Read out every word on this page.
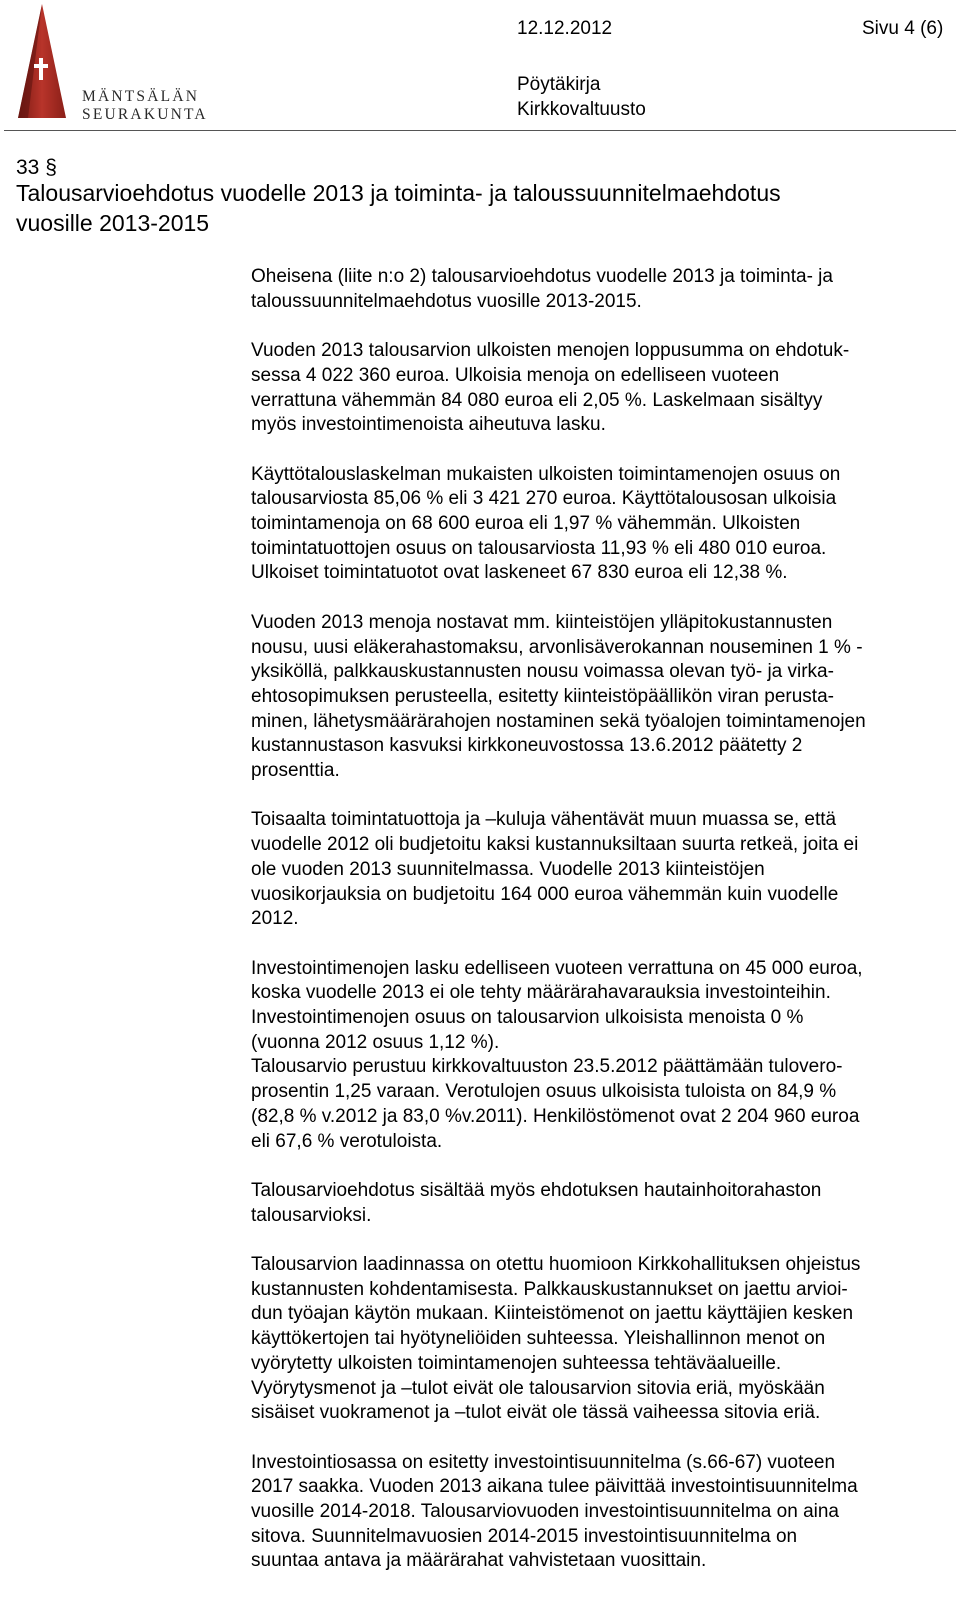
MÄNTSÄLÄN
SEURAKUNTA
12.12.2012	Sivu 4 (6)
Pöytäkirja
Kirkkovaltuusto
33 §
Talousarvioehdotus vuodelle 2013 ja toiminta- ja taloussuunnitelmaehdotus
vuosille 2013-2015

Oheisena (liite n:o 2) talousarvioehdotus vuodelle 2013 ja toiminta- ja
taloussuunnitelmaehdotus vuosille 2013-2015.

Vuoden 2013 talousarvion ulkoisten menojen loppusumma on ehdotuk-
sessa 4 022 360 euroa. Ulkoisia menoja on edelliseen vuoteen
verrattuna vähemmän 84 080 euroa eli 2,05 %. Laskelmaan sisältyy
myös investointimenoista aiheutuva lasku.

Käyttötalouslaskelman mukaisten ulkoisten toimintamenojen osuus on
talousarviosta 85,06 % eli 3 421 270 euroa. Käyttötalousosan ulkoisia
toimintamenoja on 68 600 euroa eli 1,97 % vähemmän. Ulkoisten
toimintatuottojen osuus on talousarviosta 11,93 % eli 480 010 euroa.
Ulkoiset toimintatuotot ovat laskeneet 67 830 euroa eli 12,38 %.

Vuoden 2013 menoja nostavat mm. kiinteistöjen ylläpitokustannusten
nousu, uusi eläkerahastomaksu, arvonlisäverokannan nouseminen 1 % -
yksiköllä, palkkauskustannusten nousu voimassa olevan työ- ja virka-
ehtosopimuksen perusteella, esitetty kiinteistöpäällikön viran perusta-
minen, lähetysmäärärahojen nostaminen sekä työalojen toimintamenojen
kustannustason kasvuksi kirkkoneuvostossa 13.6.2012 päätetty 2
prosenttia.

Toisaalta toimintatuottoja ja –kuluja vähentävät muun muassa se, että
vuodelle 2012 oli budjetoitu kaksi kustannuksiltaan suurta retkeä, joita ei
ole vuoden 2013 suunnitelmassa. Vuodelle 2013 kiinteistöjen
vuosikorjauksia on budjetoitu 164 000 euroa vähemmän kuin vuodelle
2012.

Investointimenojen lasku edelliseen vuoteen verrattuna on 45 000 euroa,
koska vuodelle 2013 ei ole tehty määrärahavarauksia investointeihin.
Investointimenojen osuus on talousarvion ulkoisista menoista 0 %
(vuonna 2012 osuus 1,12 %).

Talousarvio perustuu kirkkovaltuuston 23.5.2012 päättämään tulovero-
prosentin 1,25 varaan. Verotulojen osuus ulkoisista tuloista on 84,9 %
(82,8 % v.2012 ja 83,0 %v.2011). Henkilöstömenot ovat 2 204 960 euroa
eli 67,6 % verotuloista.

Talousarvioehdotus sisältää myös ehdotuksen hautainhoitorahaston
talousarvioksi.

Talousarvion laadinnassa on otettu huomioon Kirkkohallituksen ohjeistus
kustannusten kohdentamisesta. Palkkauskustannukset on jaettu arvioi-
dun työajan käytön mukaan. Kiinteistömenot on jaettu käyttäjien kesken
käyttökertojen tai hyötyneliöiden suhteessa. Yleishallinnon menot on
vyörytetty ulkoisten toimintamenojen suhteessa tehtäväalueille.
Vyörytysmenot ja –tulot eivät ole talousarvion sitovia eriä, myöskään
sisäiset vuokramenot ja –tulot eivät ole tässä vaiheessa sitovia eriä.

Investointiosassa on esitetty investointisuunnitelma (s.66-67) vuoteen
2017 saakka. Vuoden 2013 aikana tulee päivittää investointisuunnitelma
vuosille 2014-2018. Talousarviovuoden investointisuunnitelma on aina
sitova. Suunnitelmavuosien 2014-2015 investointisuunnitelma on
suuntaa antava ja määrärahat vahvistetaan vuosittain.
